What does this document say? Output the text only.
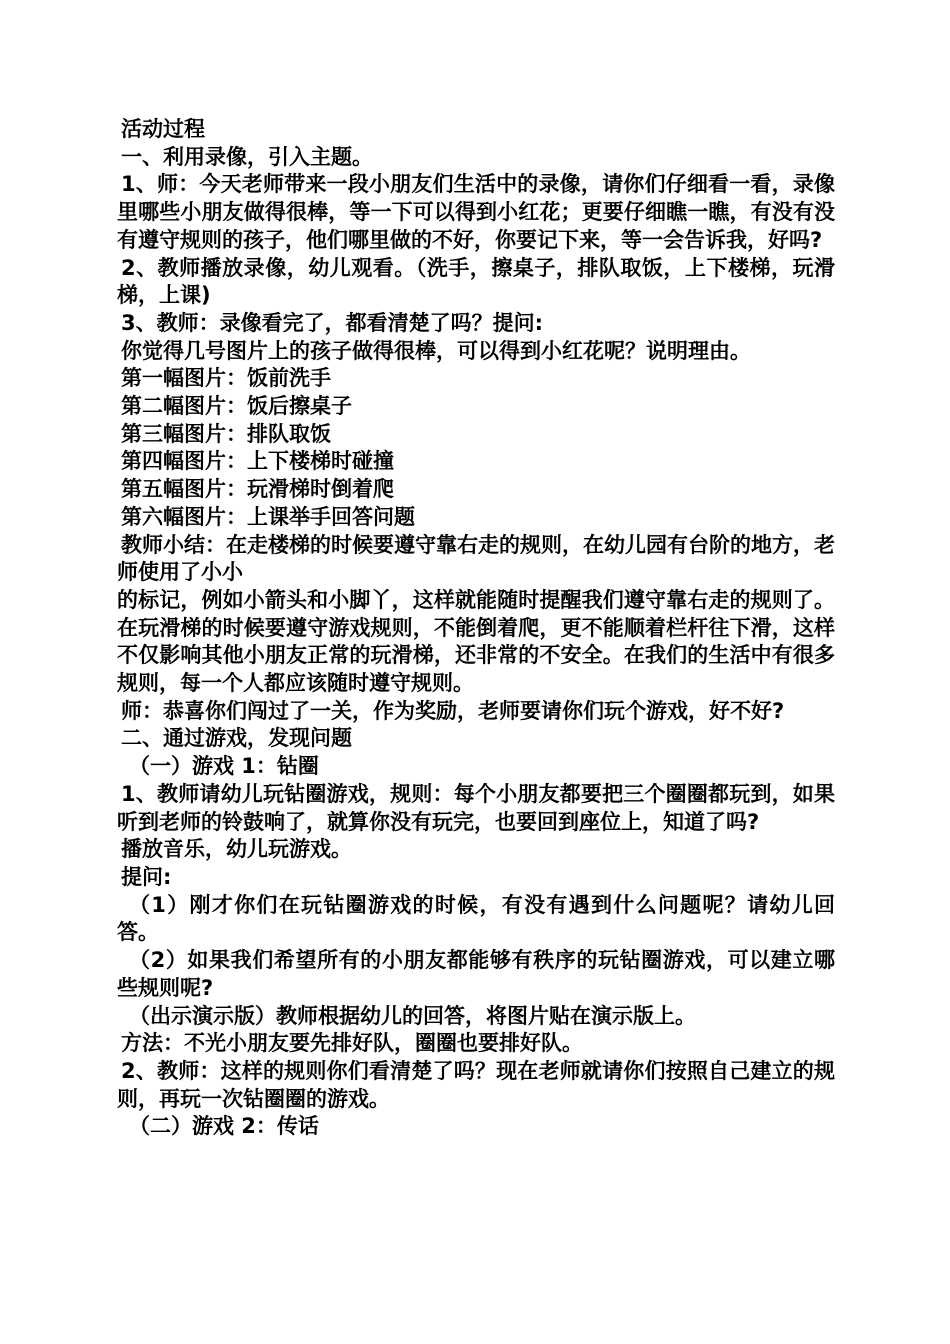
活动过程

一、利用录像，引入主题。

1、师：今天老师带来一段小朋友们生活中的录像，请你们仔细看一看，录像里哪些小朋友做得很棒，等一下可以得到小红花；更要仔细瞧一瞧，有没有没有遵守规则的孩子，他们哪里做的不好，你要记下来，等一会告诉我，好吗?

2、教师播放录像，幼儿观看。（洗手，擦桌子，排队取饭，上下楼梯，玩滑梯，上课)

3、教师：录像看完了，都看清楚了吗？提问:

你觉得几号图片上的孩子做得很棒，可以得到小红花呢？说明理由。

第一幅图片：饭前洗手

第二幅图片：饭后擦桌子

第三幅图片：排队取饭

第四幅图片：上下楼梯时碰撞

第五幅图片：玩滑梯时倒着爬

第六幅图片：上课举手回答问题

教师小结：在走楼梯的时候要遵守靠右走的规则，在幼儿园有台阶的地方，老师使用了小小

的标记，例如小箭头和小脚丫，这样就能随时提醒我们遵守靠右走的规则了。在玩滑梯的时候要遵守游戏规则，不能倒着爬，更不能顺着栏杆往下滑，这样不仅影响其他小朋友正常的玩滑梯，还非常的不安全。在我们的生活中有很多规则，每一个人都应该随时遵守规则。

师：恭喜你们闯过了一关，作为奖励，老师要请你们玩个游戏，好不好?

二、通过游戏，发现问题

（一）游戏 1：钻圈

1、教师请幼儿玩钻圈游戏，规则：每个小朋友都要把三个圈圈都玩到，如果听到老师的铃鼓响了，就算你没有玩完，也要回到座位上，知道了吗?

播放音乐，幼儿玩游戏。

提问:

（1）刚才你们在玩钻圈游戏的时候，有没有遇到什么问题呢？请幼儿回答。

（2）如果我们希望所有的小朋友都能够有秩序的玩钻圈游戏，可以建立哪些规则呢?

（出示演示版）教师根据幼儿的回答，将图片贴在演示版上。

方法：不光小朋友要先排好队，圈圈也要排好队。

2、教师：这样的规则你们看清楚了吗？现在老师就请你们按照自己建立的规则，再玩一次钻圈圈的游戏。

（二）游戏 2：传话
